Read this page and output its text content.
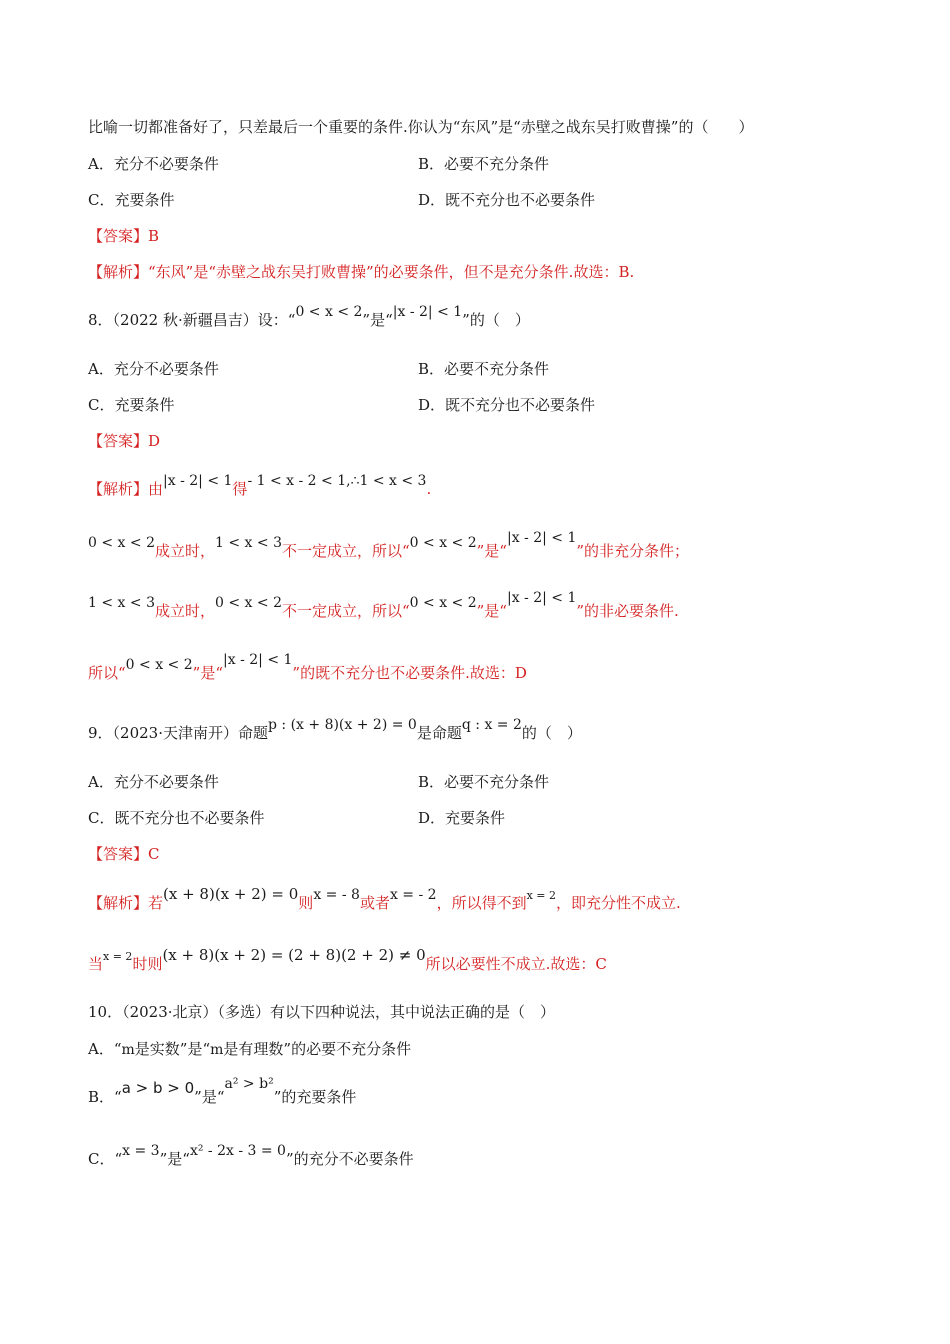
比喻一切都准备好了，只差最后一个重要的条件.你认为“东风”是“赤壁之战东吴打败曹操”的（　　）
A．充分不必要条件	B．必要不充分条件
C．充要条件	D．既不充分也不必要条件
【答案】B
【解析】“东风”是“赤壁之战东吴打败曹操”的必要条件，但不是充分条件.故选：B.
8．（2022 秋·新疆昌吉）设：“0 < x < 2”是“|x - 2| < 1”的（　）
A．充分不必要条件	B．必要不充分条件
C．充要条件	D．既不充分也不必要条件
【答案】D
【解析】由|x - 2| < 1得- 1 < x - 2 < 1,∴1 < x < 3.
0 < x < 2成立时，1 < x < 3不一定成立，所以“0 < x < 2”是“|x - 2| < 1”的非充分条件；
1 < x < 3成立时，0 < x < 2不一定成立，所以“0 < x < 2”是“|x - 2| < 1”的非必要条件.
所以“0 < x < 2”是“|x - 2| < 1”的既不充分也不必要条件.故选：D
9．（2023·天津南开）命题p : (x + 8)(x + 2) = 0是命题q : x = 2的（　）
A．充分不必要条件	B．必要不充分条件
C．既不充分也不必要条件	D．充要条件
【答案】C
【解析】若(x + 8)(x + 2) = 0则x = - 8或者x = - 2，所以得不到$^{x = 2}$，即充分性不成立.
当$^{x = 2}$时则(x + 8)(x + 2) = (2 + 8)(2 + 2) ≠ 0所以必要性不成立.故选：C
10．（2023·北京）（多选）有以下四种说法，其中说法正确的是（　）
A．“m是实数”是“m是有理数”的必要不充分条件
B．“a > b > 0”是“a² > b²”的充要条件
C．“x = 3”是“x² - 2x - 3 = 0”的充分不必要条件
